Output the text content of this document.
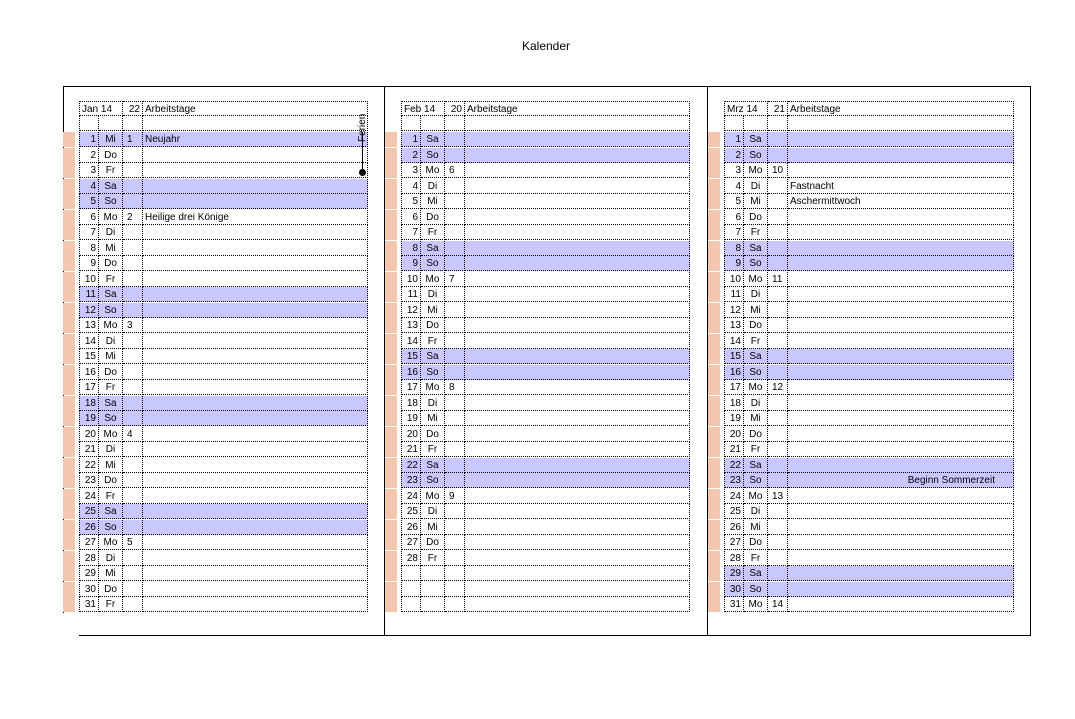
Kalender
Jan 14	22 Arbeitstage
1 Mi	1	Neujahr
2 Do
3 Fr
4 Sa
5 So
6 Mo 2	Heilige drei Könige
7 Di
8 Mi
9 Do
10 Fr
11 Sa
12 So
13 Mo 3
14 Di
15 Mi
16 Do
17 Fr
18 Sa
19 So
20 Mo 4
21 Di
22 Mi
23 Do
24 Fr
25 Sa
26 So
27 Mo 5
28 Di
29 Mi
30 Do
31 Fr
Feb 14	20 Arbeitstage
1 Sa
2 So
3 Mo 6
4 Di
5 Mi
6 Do
7 Fr
8 Sa
9 So
10 Mo 7
11 Di
12 Mi
13 Do
14 Fr
15 Sa
16 So
17 Mo 8
18 Di
19 Mi
20 Do
21 Fr
22 Sa
23 So
24 Mo 9
25 Di
26 Mi
27 Do
28 Fr
Mrz 14	21 Arbeitstage
1 Sa
2 So
3 Mo 10
4 Di	Fastnacht
5 Mi	Aschermittwoch
6 Do
7 Fr
8 Sa
9 So
10 Mo 11
11 Di
12 Mi
13 Do
14 Fr
15 Sa
16 So
17 Mo 12
18 Di
19 Mi
20 Do
21 Fr
22 Sa
23 So	Beginn Sommerzeit
24 Mo 13
25 Di
26 Mi
27 Do
28 Fr
29 Sa
30 So
31 Mo 14
Ferien
